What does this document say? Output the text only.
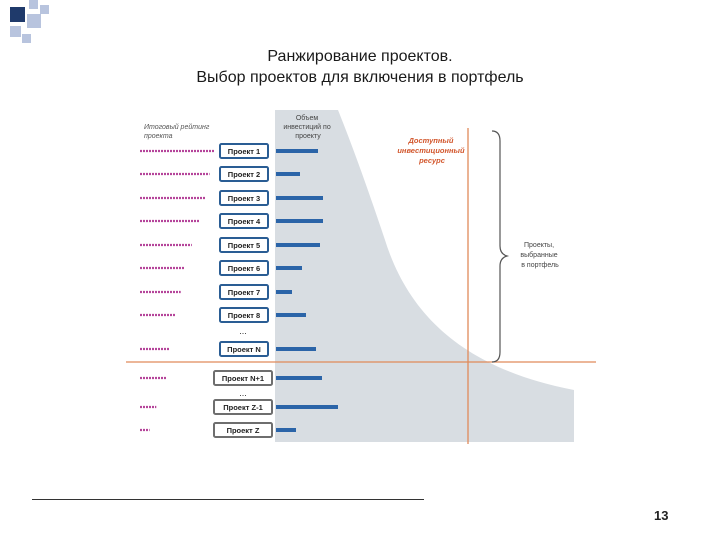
Ранжирование проектов.
Выбор проектов для включения в портфель
Итоговый рейтинг проекта
Объем инвестиций по проекту	Доступный инвестиционный ресурс
Проекты, выбранные в портфель
Проект 1
Проект 2
Проект 3
Проект 4
Проект 5
Проект 6
Проект 7
Проект 8
Проект N
Проект N+1
Проект Z-1
Проект Z
...
...
13
